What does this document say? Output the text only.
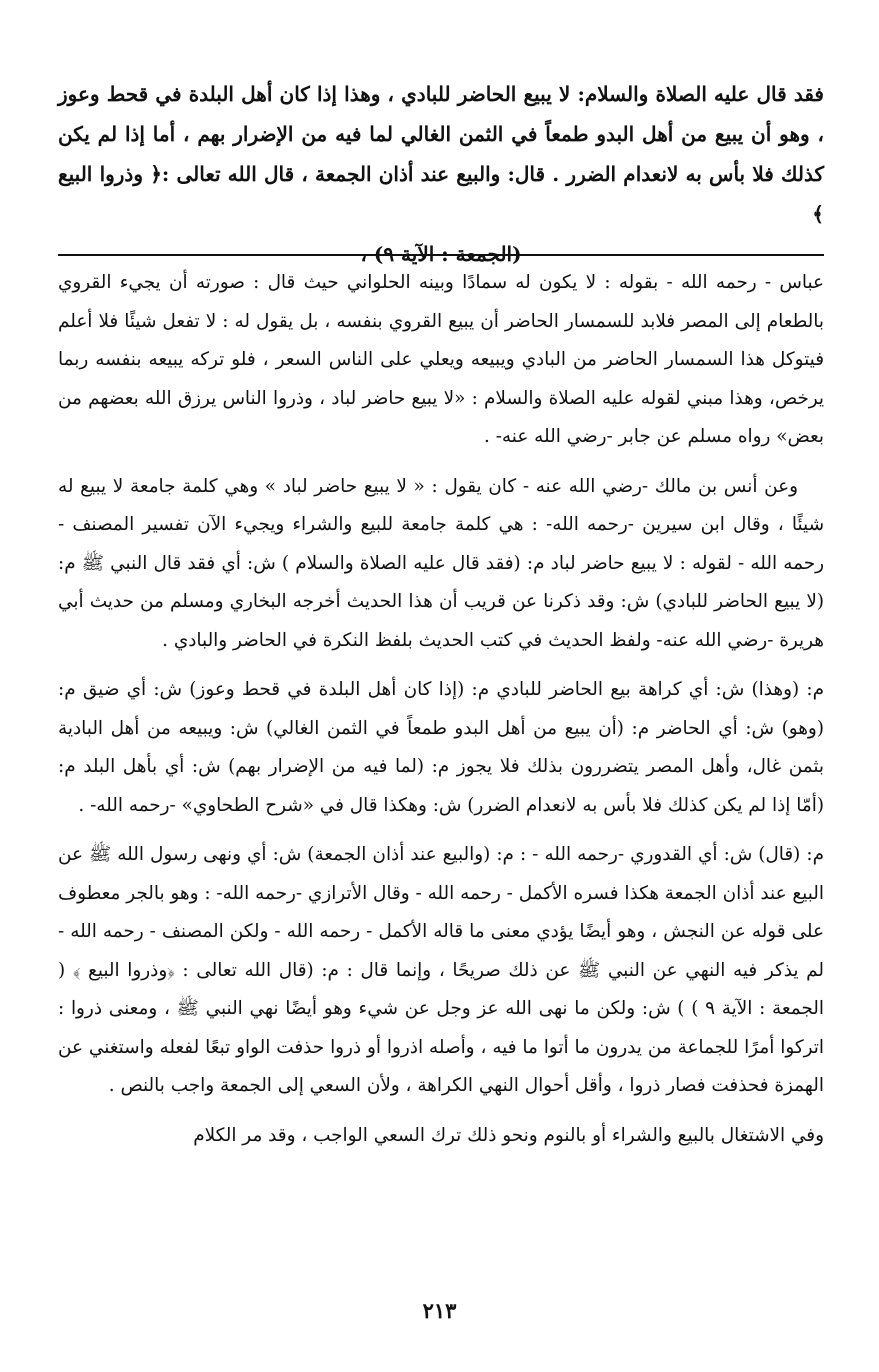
فقد قال عليه الصلاة والسلام: لا يبيع الحاضر للبادي ، وهذا إذا كان أهل البلدة في قحط وعوز ، وهو أن يبيع من أهل البدو طمعاً في الثمن الغالي لما فيه من الإضرار بهم ، أما إذا لم يكن كذلك فلا بأس به لانعدام الضرر . قال: والبيع عند أذان الجمعة ، قال الله تعالى :﴿ وذروا البيع ﴾

(الجمعة : الآية ٩) ،

عباس - رحمه الله - بقوله : لا يكون له سمادًا وبينه الحلواني حيث قال : صورته أن يجيء القروي بالطعام إلى المصر فلابد للسمسار الحاضر أن يبيع القروي بنفسه ، بل يقول له : لا تفعل شيئًا فلا أعلم فيتوكل هذا السمسار الحاضر من البادي ويبيعه ويعلي على الناس السعر ، فلو تركه يبيعه بنفسه ربما يرخص، وهذا مبني لقوله عليه الصلاة والسلام : «لا يبيع حاضر لباد ، وذروا الناس يرزق الله بعضهم من بعض» رواه مسلم عن جابر -رضي الله عنه- .

وعن أنس بن مالك -رضي الله عنه - كان يقول : « لا يبيع حاضر لباد » وهي كلمة جامعة لا يبيع له شيئًا ، وقال ابن سيرين -رحمه الله- : هي كلمة جامعة للبيع والشراء ويجيء الآن تفسير المصنف - رحمه الله - لقوله : لا يبيع حاضر لباد م: (فقد قال عليه الصلاة والسلام ) ش: أي فقد قال النبي ﷺ م: (لا يبيع الحاضر للبادي) ش: وقد ذكرنا عن قريب أن هذا الحديث أخرجه البخاري ومسلم من حديث أبي هريرة -رضي الله عنه- ولفظ الحديث في كتب الحديث بلفظ النكرة في الحاضر والبادي .

م: (وهذا) ش: أي كراهة بيع الحاضر للبادي م: (إذا كان أهل البلدة في قحط وعوز) ش: أي ضيق م: (وهو) ش: أي الحاضر م: (أن يبيع من أهل البدو طمعاً في الثمن الغالي) ش: ويبيعه من أهل البادية بثمن غال، وأهل المصر يتضررون بذلك فلا يجوز م: (لما فيه من الإضرار بهم) ش: أي بأهل البلد م: (أمّا إذا لم يكن كذلك فلا بأس به لانعدام الضرر) ش: وهكذا قال في «شرح الطحاوي» -رحمه الله- .

م: (قال) ش: أي القدوري -رحمه الله - : م: (والبيع عند أذان الجمعة) ش: أي ونهى رسول الله ﷺ عن البيع عند أذان الجمعة هكذا فسره الأكمل - رحمه الله - وقال الأترازي -رحمه الله- : وهو بالجر معطوف على قوله عن النجش ، وهو أيضًا يؤدي معنى ما قاله الأكمل - رحمه الله - ولكن المصنف - رحمه الله - لم يذكر فيه النهي عن النبي ﷺ عن ذلك صريحًا ، وإنما قال : م: (قال الله تعالى : ﴿وذروا البيع ﴾ ( الجمعة : الآية ٩ ) ) ش: ولكن ما نهى الله عز وجل عن شيء وهو أيضًا نهي النبي ﷺ ، ومعنى ذروا : اتركوا أمرًا للجماعة من يدرون ما أتوا ما فيه ، وأصله اذروا أو ذروا حذفت الواو تبعًا لفعله واستغني عن الهمزة فحذفت فصار ذروا ، وأقل أحوال النهي الكراهة ، ولأن السعي إلى الجمعة واجب بالنص .

وفي الاشتغال بالبيع والشراء أو بالنوم ونحو ذلك ترك السعي الواجب ، وقد مر الكلام

٢١٣
